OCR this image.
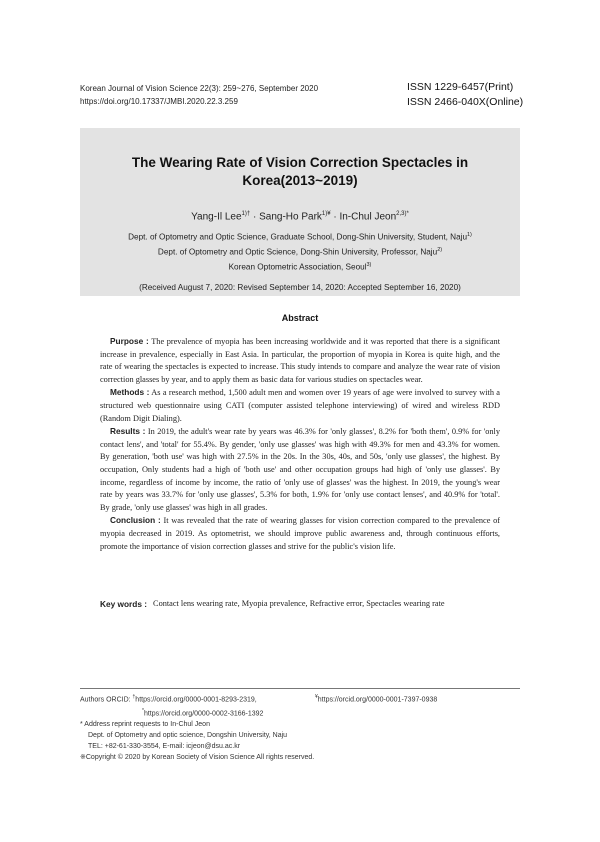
Korean Journal of Vision Science 22(3): 259~276, September 2020
https://doi.org/10.17337/JMBI.2020.22.3.259
ISSN 1229-6457(Print)
ISSN 2466-040X(Online)
The Wearing Rate of Vision Correction Spectacles in Korea(2013~2019)
Yang-Il Lee$^{1)\dagger}$ · Sang-Ho Park$^{1)¥}$ · In-Chul Jeon$^{2,3)*}$
Dept. of Optometry and Optic Science, Graduate School, Dong-Shin University, Student, Naju$^{1)}$
Dept. of Optometry and Optic Science, Dong-Shin University, Professor, Naju$^{2)}$
Korean Optometric Association, Seoul$^{3)}$
(Received August 7, 2020: Revised September 14, 2020: Accepted September 16, 2020)
Abstract

Purpose : The prevalence of myopia has been increasing worldwide and it was reported that there is a significant increase in prevalence, especially in East Asia. In particular, the proportion of myopia in Korea is quite high, and the rate of wearing the spectacles is expected to increase. This study intends to compare and analyze the wear rate of vision correction glasses by year, and to apply them as basic data for various studies on spectacles wear.

Methods : As a research method, 1,500 adult men and women over 19 years of age were involved to survey with a structured web questionnaire using CATI (computer assisted telephone interviewing) of wired and wireless RDD (Random Digit Dialing).

Results : In 2019, the adult's wear rate by years was 46.3% for 'only glasses', 8.2% for 'both them', 0.9% for 'only contact lens', and 'total' for 55.4%. By gender, 'only use glasses' was high with 49.3% for men and 43.3% for women. By generation, 'both use' was high with 27.5% in the 20s. In the 30s, 40s, and 50s, 'only use glasses', the highest. By occupation, Only students had a high of 'both use' and other occupation groups had high of 'only use glasses'. By income, regardless of income by income, the ratio of 'only use of glasses' was the highest. In 2019, the young's wear rate by years was 33.7% for 'only use glasses', 5.3% for both, 1.9% for 'only use contact lenses', and 40.9% for 'total'. By grade, 'only use glasses' was high in all grades.

Conclusion : It was revealed that the rate of wearing glasses for vision correction compared to the prevalence of myopia decreased in 2019. As optometrist, we should improve public awareness and, through continuous efforts, promote the importance of vision correction glasses and strive for the public's vision life.

Key words : Contact lens wearing rate, Myopia prevalence, Refractive error, Spectacles wearing rate
Authors ORCID: †https://orcid.org/0000-0001-8293-2319,	¥https://orcid.org/0000-0001-7397-0938
*https://orcid.org/0000-0002-3166-1392
* Address reprint requests to In-Chul Jeon
Dept. of Optometry and optic science, Dongshin University, Naju
TEL: +82-61-330-3554, E-mail: icjeon@dsu.ac.kr
※Copyright © 2020 by Korean Society of Vision Science All rights reserved.
